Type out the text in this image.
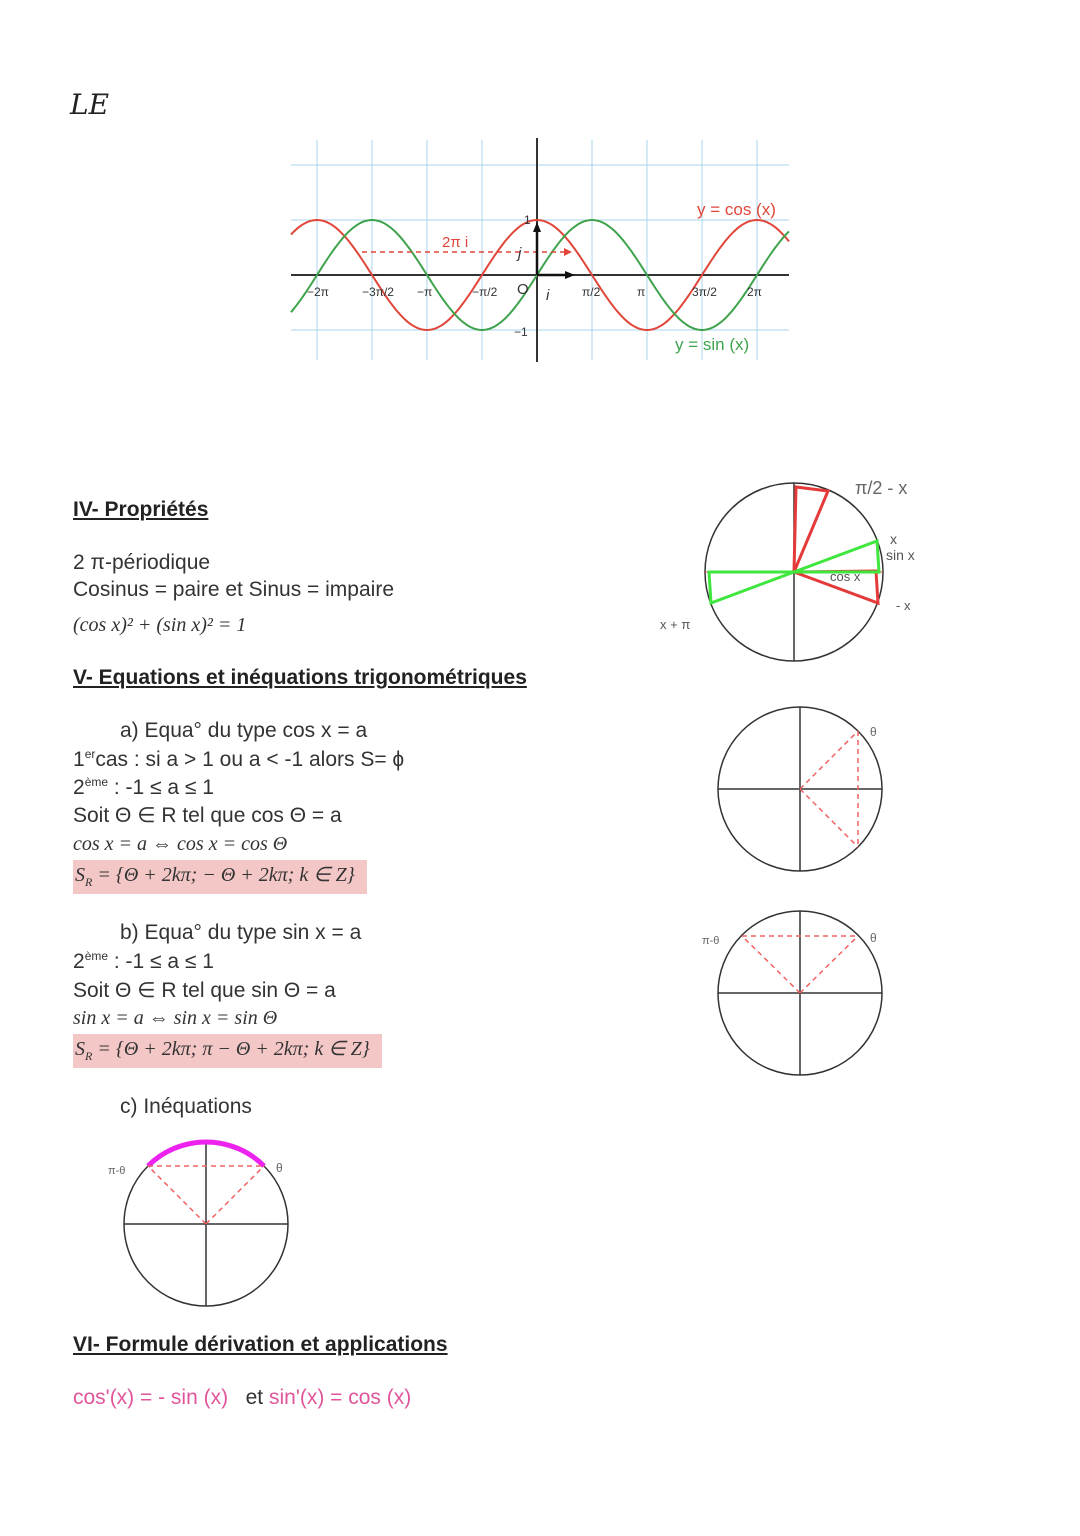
LE
2π i
y = cos (x)
y = sin (x)
O i
j
1
−1
−2π	−3π/2 −π	−π/2	π/2	π	3π/2	2π
IV- Propriétés
2 π-périodique
Cosinus = paire et Sinus = impaire
(cos x)² + (sin x)² = 1
π/2 - x
x
sin x
cos x
- x
x + π
V- Equations et inéquations trigonométriques
a) Equa° du type cos x = a
1ercas : si a > 1 ou a < -1 alors S= ϕ
2ème : -1 ≤ a ≤ 1
Soit Θ ∈ R tel que cos Θ = a
cos x = a ⇔ cos x = cos Θ
$S_R = \{\Theta + 2k\pi$; − Θ + 2kπ; k ∈ Z}
b) Equa° du type sin x = a
2ème : -1 ≤ a ≤ 1
Soit Θ ∈ R tel que sin Θ = a
sin x = a ⇔ sin x = sin Θ
$S_R = \{\Theta + 2k\pi$; π − Θ + 2kπ; k ∈ Z}
c) Inéquations
θ
θ
π-θ
θ
π-θ
VI- Formule dérivation et applications
cos'(x) = - sin (x) et sin'(x) = cos (x)
